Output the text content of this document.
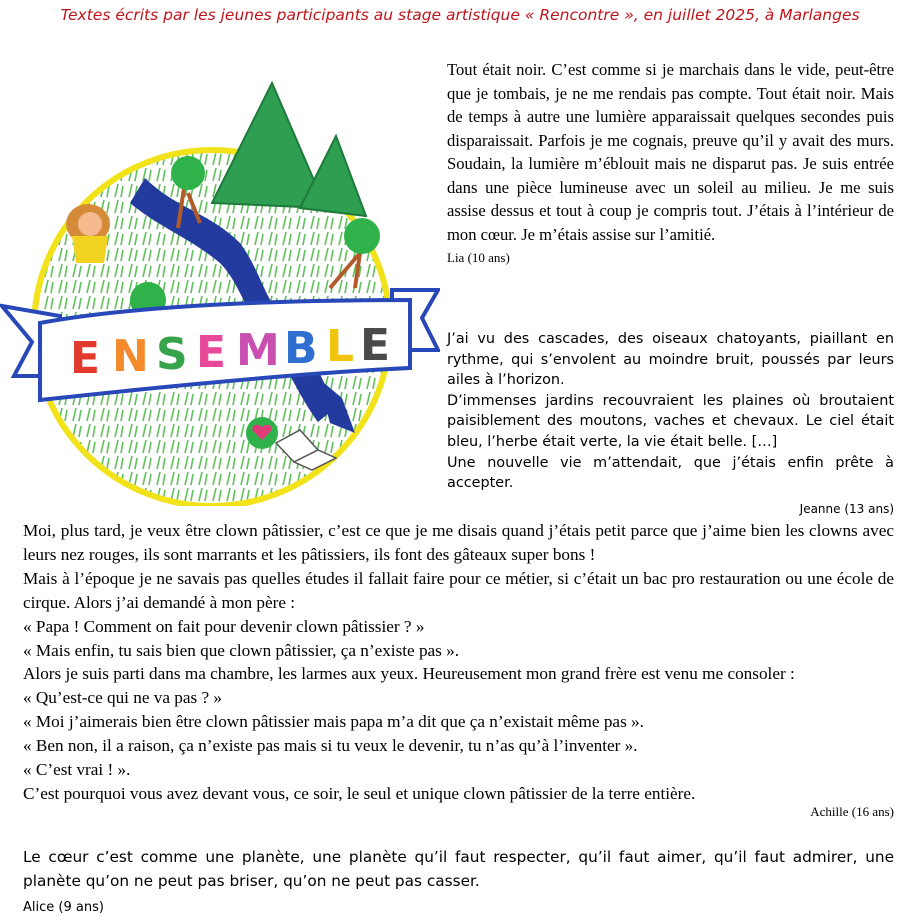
Textes écrits par les jeunes participants au stage artistique « Rencontre », en juillet 2025, à Marlanges
E N S E M B L E

Tout était noir. C’est comme si je marchais dans le vide, peut-être que je tombais, je ne me rendais pas compte. Tout était noir. Mais de temps à autre une lumière apparaissait quelques secondes puis disparaissait. Parfois je me cognais, preuve qu’il y avait des murs. Soudain, la lumière m’éblouit mais ne disparut pas. Je suis entrée dans une pièce lumineuse avec un soleil au milieu. Je me suis assise dessus et tout à coup je compris tout. J’étais à l’intérieur de mon cœur. Je m’étais assise sur l’amitié.

Lia (10 ans)

J’ai vu des cascades, des oiseaux chatoyants, piaillant en rythme, qui s’envolent au moindre bruit, poussés par leurs ailes à l’horizon.

D’immenses jardins recouvraient les plaines où broutaient paisiblement des moutons, vaches et chevaux. Le ciel était bleu, l’herbe était verte, la vie était belle. […]

Une nouvelle vie m’attendait, que j’étais enfin prête à accepter.

Jeanne (13 ans)

Moi, plus tard, je veux être clown pâtissier, c’est ce que je me disais quand j’étais petit parce que j’aime bien les clowns avec leurs nez rouges, ils sont marrants et les pâtissiers, ils font des gâteaux super bons !

Mais à l’époque je ne savais pas quelles études il fallait faire pour ce métier, si c’était un bac pro restauration ou une école de cirque. Alors j’ai demandé à mon père :

« Papa ! Comment on fait pour devenir clown pâtissier ? »

« Mais enfin, tu sais bien que clown pâtissier, ça n’existe pas ».

Alors je suis parti dans ma chambre, les larmes aux yeux. Heureusement mon grand frère est venu me consoler :

« Qu’est-ce qui ne va pas ? »

« Moi j’aimerais bien être clown pâtissier mais papa m’a dit que ça n’existait même pas ».

« Ben non, il a raison, ça n’existe pas mais si tu veux le devenir, tu n’as qu’à l’inventer ».

« C’est vrai ! ».

C’est pourquoi vous avez devant vous, ce soir, le seul et unique clown pâtissier de la terre entière.

Achille (16 ans)

Le cœur c’est comme une planète, une planète qu’il faut respecter, qu’il faut aimer, qu’il faut admirer, une planète qu’on ne peut pas briser, qu’on ne peut pas casser.

Alice (9 ans)
